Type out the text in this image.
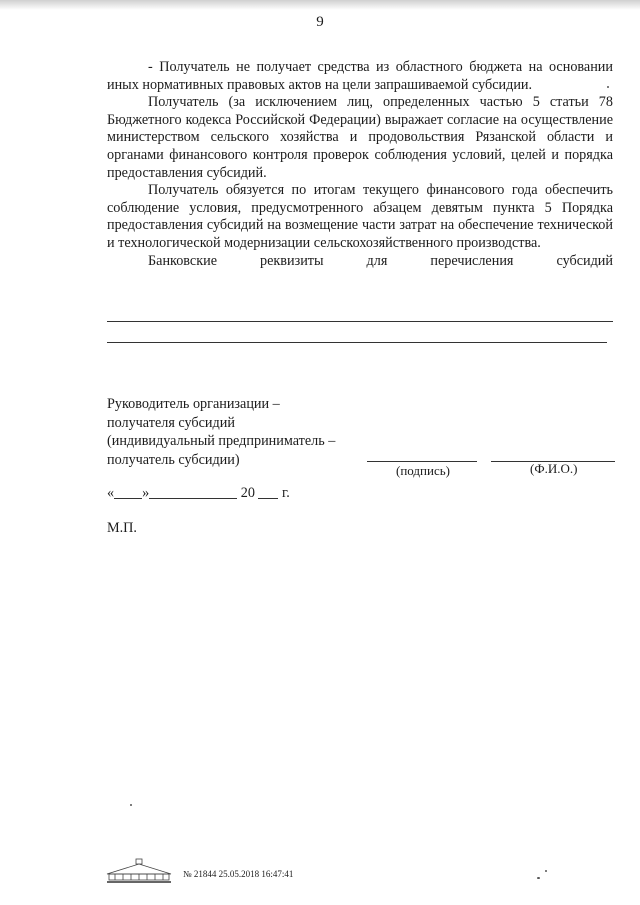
9

- Получатель не получает средства из областного бюджета на основании иных нормативных правовых актов на цели запрашиваемой субсидии.

Получатель (за исключением лиц, определенных частью 5 статьи 78 Бюджетного кодекса Российской Федерации) выражает согласие на осуществление министерством сельского хозяйства и продовольствия Рязанской области и органами финансового контроля проверок соблюдения условий, целей и порядка предоставления субсидий.

Получатель обязуется по итогам текущего финансового года обеспечить соблюдение условия, предусмотренного абзацем девятым пункта 5 Порядка предоставления субсидий на возмещение части затрат на обеспечение технической и технологической модернизации сельскохозяйственного производства.

Банковские реквизиты для перечисления субсидий

Руководитель организации –
получателя субсидий
(индивидуальный предприниматель –
получатель субсидии)
(подпись)	(Ф.И.О.)
« »	20 г.
М.П.
№ 21844 25.05.2018 16:47:41
